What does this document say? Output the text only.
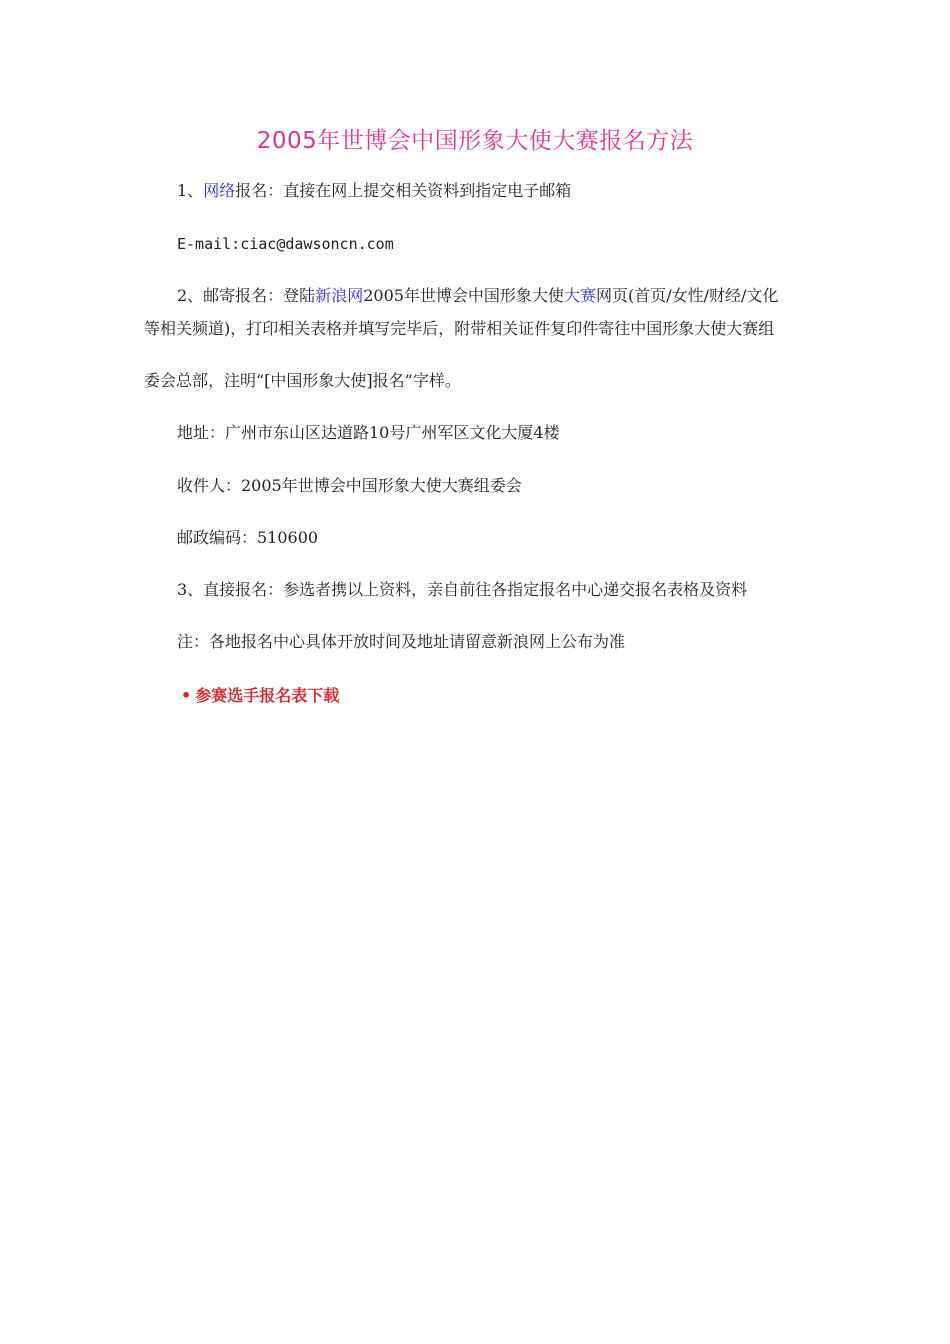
2005年世博会中国形象大使大赛报名方法
1、网络报名：直接在网上提交相关资料到指定电子邮箱
E-mail:ciac@dawsoncn.com
2、邮寄报名：登陆新浪网2005年世博会中国形象大使大赛网页(首页/女性/财经/文化
等相关频道)，打印相关表格并填写完毕后，附带相关证件复印件寄往中国形象大使大赛组
委会总部，注明“[中国形象大使]报名”字样。
地址：广州市东山区达道路10号广州军区文化大厦4楼
收件人：2005年世博会中国形象大使大赛组委会
邮政编码：510600
3、直接报名：参选者携以上资料，亲自前往各指定报名中心递交报名表格及资料
注：各地报名中心具体开放时间及地址请留意新浪网上公布为准
• 参赛选手报名表下载
